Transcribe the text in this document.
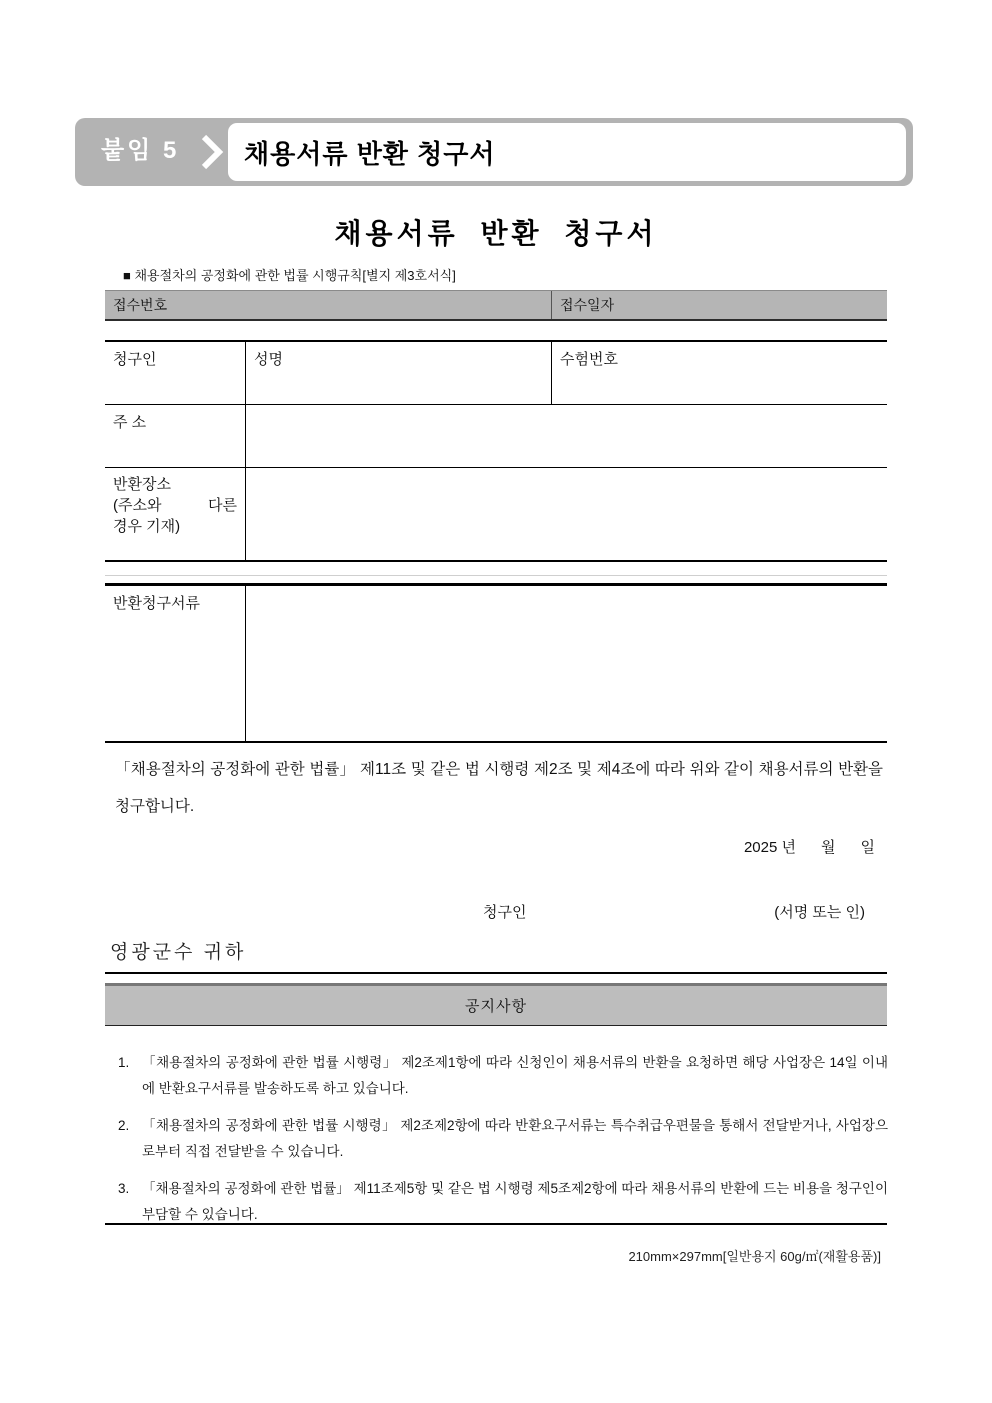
붙임 5	채용서류 반환 청구서
채용서류 반환 청구서
■ 채용절차의 공정화에 관한 법률 시행규칙[별지 제3호서식]
접수번호	접수일자
청구인	성명	수험번호
주 소
반환장소
(주소와 다른
경우 기재)
반환청구서류
「채용절차의 공정화에 관한 법률」 제11조 및 같은 법 시행령 제2조 및 제4조에 따라 위와 같이 채용서류의 반환을 청구합니다.
2025 년      월      일
청구인	(서명 또는 인)
영광군수 귀하
공지사항
1. 「채용절차의 공정화에 관한 법률 시행령」 제2조제1항에 따라 신청인이 채용서류의 반환을 요청하면 해당 사업장은 14일 이내에 반환요구서류를 발송하도록 하고 있습니다.
2. 「채용절차의 공정화에 관한 법률 시행령」 제2조제2항에 따라 반환요구서류는 특수취급우편물을 통해서 전달받거나, 사업장으로부터 직접 전달받을 수 있습니다.
3. 「채용절차의 공정화에 관한 법률」 제11조제5항 및 같은 법 시행령 제5조제2항에 따라 채용서류의 반환에 드는 비용을 청구인이 부담할 수 있습니다.
210mm×297mm[일반용지 60g/㎡(재활용품)]
